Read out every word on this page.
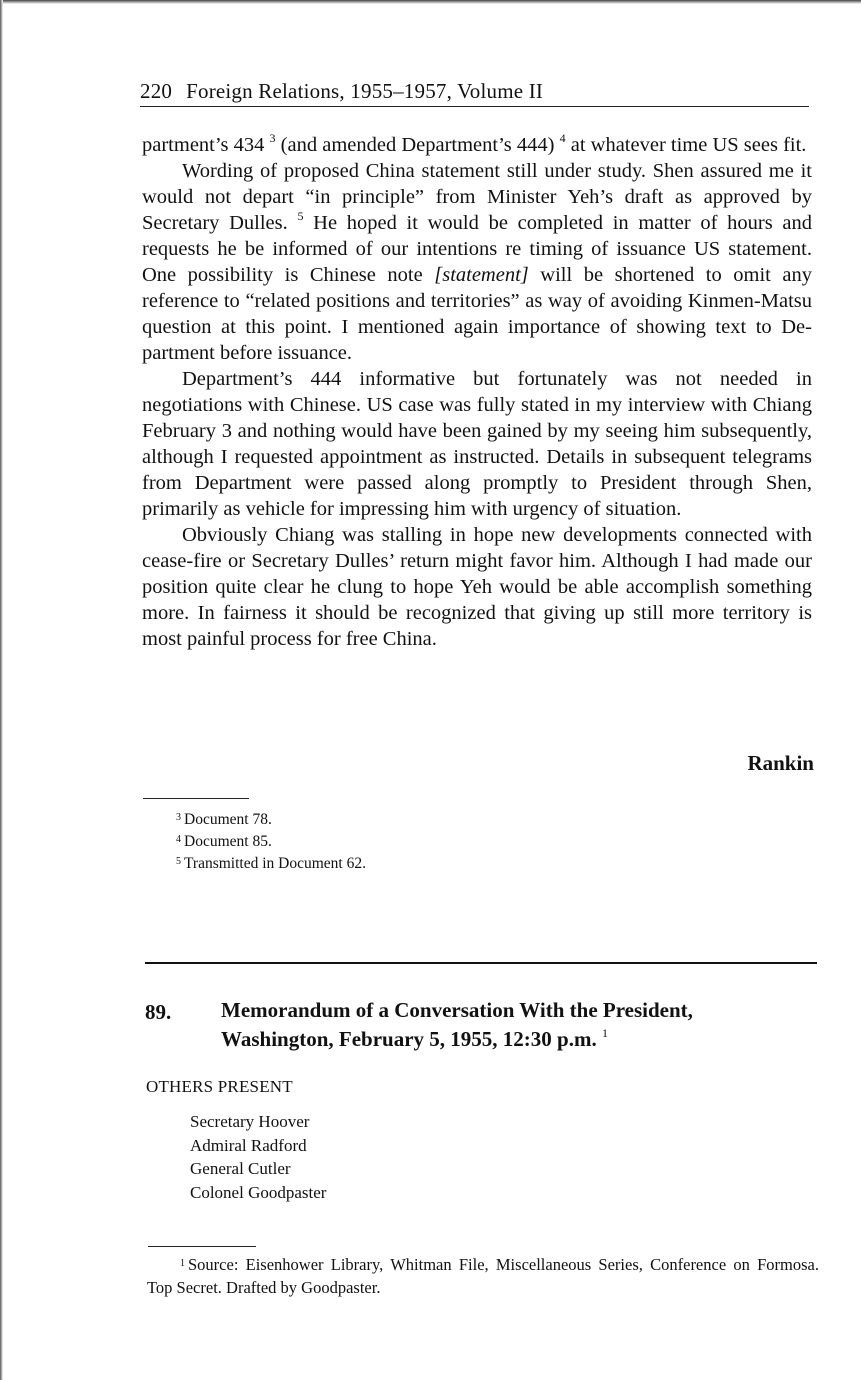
220 Foreign Relations, 1955–1957, Volume II

partment’s 434 $^3$ (and amended Department’s 444) $^4$ at whatever time US sees fit.

Wording of proposed China statement still under study. Shen assured me it would not depart “in principle” from Minister Yeh’s draft as approved by Secretary Dulles. $^5$ He hoped it would be completed in matter of hours and requests he be informed of our intentions re timing of issuance US statement. One possibility is Chinese note [statement] will be shortened to omit any reference to “related positions and territories” as way of avoiding Kinmen-Matsu question at this point. I mentioned again importance of showing text to Department before issuance.

Department’s 444 informative but fortunately was not needed in negotiations with Chinese. US case was fully stated in my interview with Chiang February 3 and nothing would have been gained by my seeing him subsequently, although I requested appointment as instructed. Details in subsequent telegrams from Department were passed along promptly to President through Shen, primarily as vehicle for impressing him with urgency of situation.

Obviously Chiang was stalling in hope new developments connected with cease-fire or Secretary Dulles’ return might favor him. Although I had made our position quite clear he clung to hope Yeh would be able accomplish something more. In fairness it should be recognized that giving up still more territory is most painful process for free China.

Rankin
$^3$ Document 78.
$^4$ Document 85.
$^5$ Transmitted in Document 62.
89. Memorandum of a Conversation With the President,
Washington, February 5, 1955, 12:30 p.m. $^1$
OTHERS PRESENT
Secretary Hoover
Admiral Radford
General Cutler
Colonel Goodpaster
$^1$ Source: Eisenhower Library, Whitman File, Miscellaneous Series, Conference on Formosa. Top Secret. Drafted by Goodpaster.
